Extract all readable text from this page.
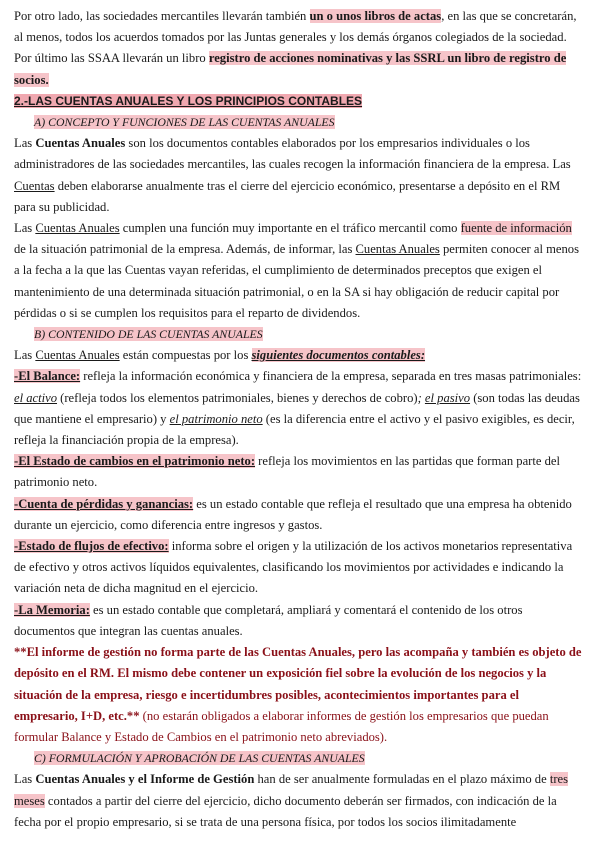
Por otro lado, las sociedades mercantiles llevarán también un o unos libros de actas, en las que se concretarán, al menos, todos los acuerdos tomados por las Juntas generales y los demás órganos colegiados de la sociedad. Por último las SSAA llevarán un libro registro de acciones nominativas y las SSRL un libro de registro de socios.

2.-LAS CUENTAS ANUALES Y LOS PRINCIPIOS CONTABLES

A) CONCEPTO Y FUNCIONES DE LAS CUENTAS ANUALES

Las Cuentas Anuales son los documentos contables elaborados por los empresarios individuales o los administradores de las sociedades mercantiles, las cuales recogen la información financiera de la empresa. Las Cuentas deben elaborarse anualmente tras el cierre del ejercicio económico, presentarse a depósito en el RM para su publicidad.

Las Cuentas Anuales cumplen una función muy importante en el tráfico mercantil como fuente de información de la situación patrimonial de la empresa. Además, de informar, las Cuentas Anuales permiten conocer al menos a la fecha a la que las Cuentas vayan referidas, el cumplimiento de determinados preceptos que exigen el mantenimiento de una determinada situación patrimonial, o en la SA si hay obligación de reducir capital por pérdidas o si se cumplen los requisitos para el reparto de dividendos.

B) CONTENIDO DE LAS CUENTAS ANUALES

Las Cuentas Anuales están compuestas por los siguientes documentos contables:

-El Balance: refleja la información económica y financiera de la empresa, separada en tres masas patrimoniales: el activo (refleja todos los elementos patrimoniales, bienes y derechos de cobro); el pasivo (son todas las deudas que mantiene el empresario) y el patrimonio neto (es la diferencia entre el activo y el pasivo exigibles, es decir, refleja la financiación propia de la empresa).

-El Estado de cambios en el patrimonio neto: refleja los movimientos en las partidas que forman parte del patrimonio neto.

-Cuenta de pérdidas y ganancias: es un estado contable que refleja el resultado que una empresa ha obtenido durante un ejercicio, como diferencia entre ingresos y gastos.

-Estado de flujos de efectivo: informa sobre el origen y la utilización de los activos monetarios representativa de efectivo y otros activos líquidos equivalentes, clasificando los movimientos por actividades e indicando la variación neta de dicha magnitud en el ejercicio.

-La Memoria: es un estado contable que completará, ampliará y comentará el contenido de los otros documentos que integran las cuentas anuales.

**El informe de gestión no forma parte de las Cuentas Anuales, pero las acompaña y también es objeto de depósito en el RM. El mismo debe contener un exposición fiel sobre la evolución de los negocios y la situación de la empresa, riesgo e incertidumbres posibles, acontecimientos importantes para el empresario, I+D, etc.** (no estarán obligados a elaborar informes de gestión los empresarios que puedan formular Balance y Estado de Cambios en el patrimonio neto abreviados).

C) FORMULACIÓN Y APROBACIÓN DE LAS CUENTAS ANUALES

Las Cuentas Anuales y el Informe de Gestión han de ser anualmente formuladas en el plazo máximo de tres meses contados a partir del cierre del ejercicio, dicho documento deberán ser firmados, con indicación de la fecha por el propio empresario, si se trata de una persona física, por todos los socios ilimitadamente
